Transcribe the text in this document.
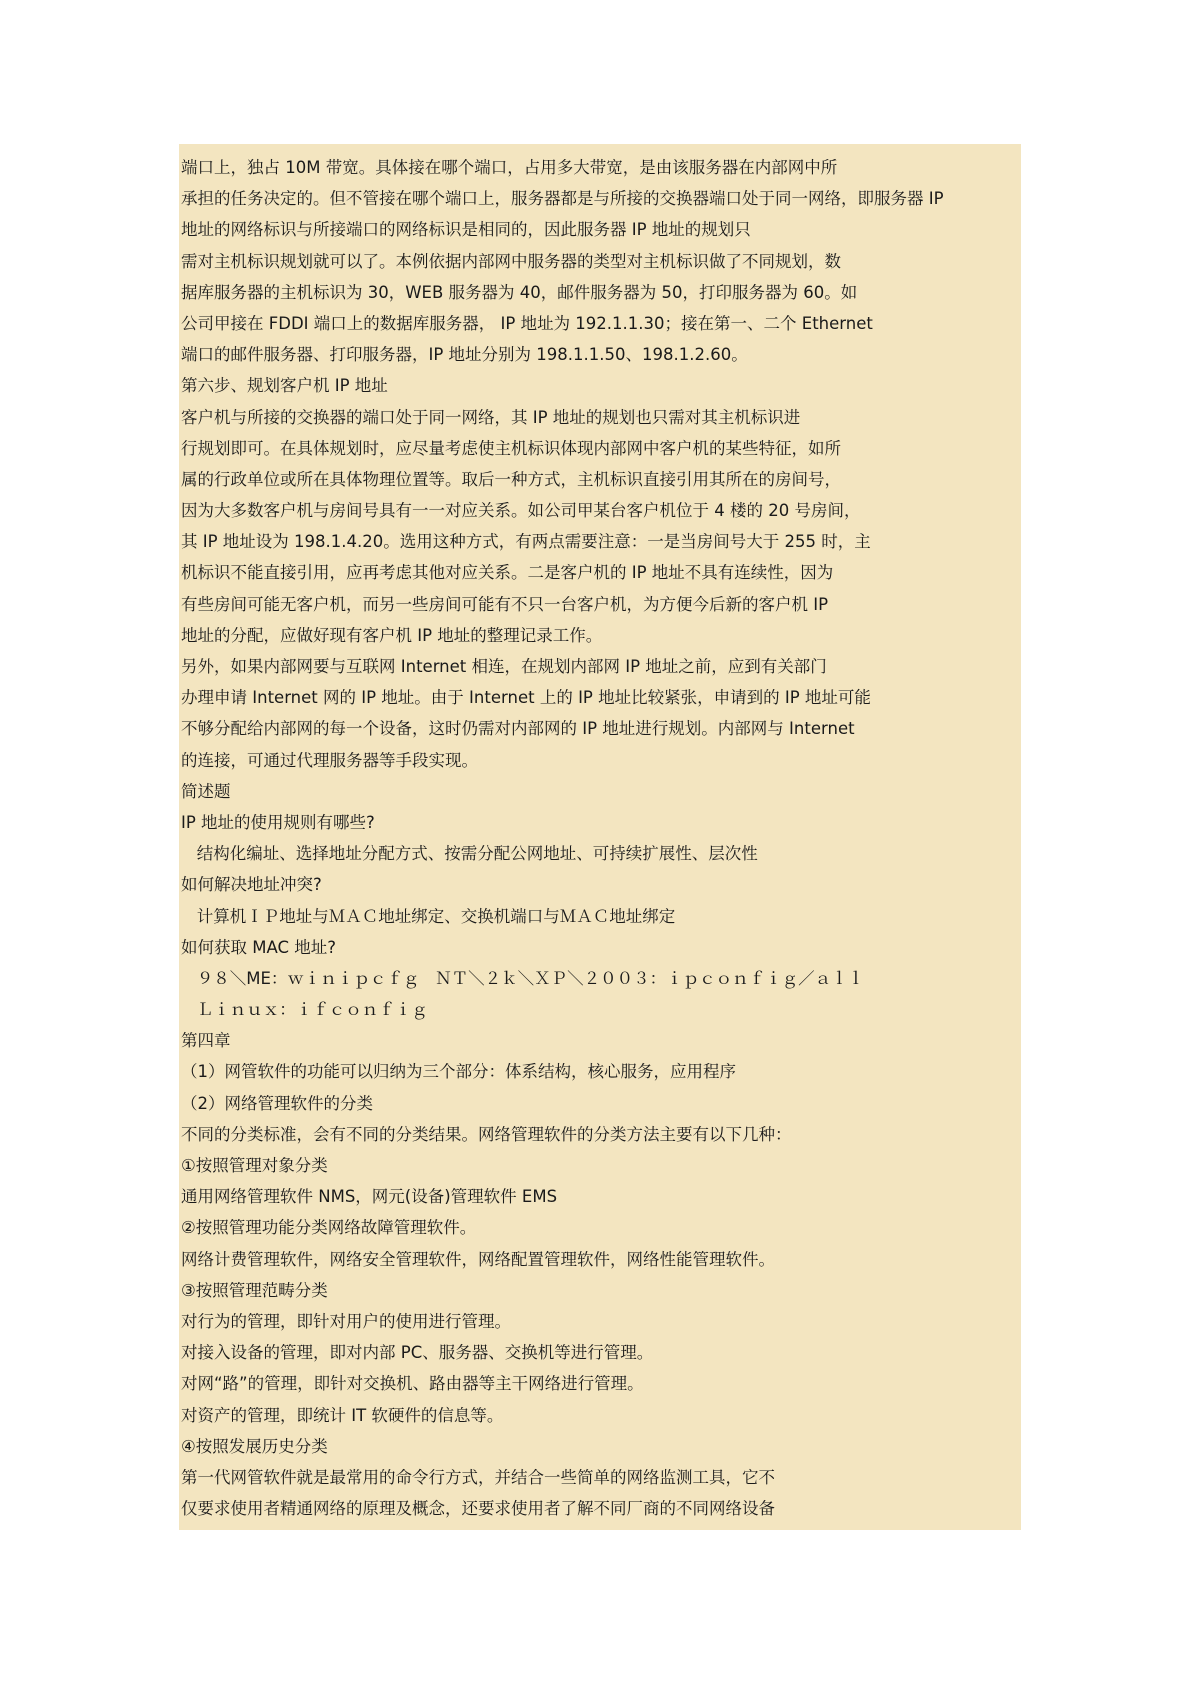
端口上，独占 10M 带宽。具体接在哪个端口，占用多大带宽，是由该服务器在内部网中所
承担的任务决定的。但不管接在哪个端口上，服务器都是与所接的交换器端口处于同一网络，即服务器 IP
地址的网络标识与所接端口的网络标识是相同的，因此服务器 IP 地址的规划只
需对主机标识规划就可以了。本例依据内部网中服务器的类型对主机标识做了不同规划，数
据库服务器的主机标识为 30，WEB 服务器为 40，邮件服务器为 50，打印服务器为 60。如
公司甲接在 FDDI 端口上的数据库服务器， IP 地址为 192.1.1.30；接在第一、二个 Ethernet
端口的邮件服务器、打印服务器，IP 地址分别为 198.1.1.50、198.1.2.60。
第六步、规划客户机 IP 地址
客户机与所接的交换器的端口处于同一网络，其 IP 地址的规划也只需对其主机标识进
行规划即可。在具体规划时，应尽量考虑使主机标识体现内部网中客户机的某些特征，如所
属的行政单位或所在具体物理位置等。取后一种方式，主机标识直接引用其所在的房间号，
因为大多数客户机与房间号具有一一对应关系。如公司甲某台客户机位于 4 楼的 20 号房间，
其 IP 地址设为 198.1.4.20。选用这种方式，有两点需要注意：一是当房间号大于 255 时，主
机标识不能直接引用，应再考虑其他对应关系。二是客户机的 IP 地址不具有连续性，因为
有些房间可能无客户机，而另一些房间可能有不只一台客户机，为方便今后新的客户机 IP
地址的分配，应做好现有客户机 IP 地址的整理记录工作。
另外，如果内部网要与互联网 Internet 相连，在规划内部网 IP 地址之前，应到有关部门
办理申请 Internet 网的 IP 地址。由于 Internet 上的 IP 地址比较紧张，申请到的 IP 地址可能
不够分配给内部网的每一个设备，这时仍需对内部网的 IP 地址进行规划。内部网与 Internet
的连接，可通过代理服务器等手段实现。
简述题
IP 地址的使用规则有哪些?
结构化编址、选择地址分配方式、按需分配公网地址、可持续扩展性、层次性
如何解决地址冲突?
计算机ＩＰ地址与ＭＡＣ地址绑定、交换机端口与ＭＡＣ地址绑定
如何获取 MAC 地址?
９８＼ME：ｗｉｎｉｐｃｆｇ   ＮＴ＼２ｋ＼ＸＰ＼２００３：ｉｐｃｏｎｆｉｇ／ａｌｌ
Ｌｉｎｕｘ：ｉｆｃｏｎｆｉｇ
第四章
（1）网管软件的功能可以归纳为三个部分：体系结构，核心服务，应用程序
（2）网络管理软件的分类
不同的分类标准，会有不同的分类结果。网络管理软件的分类方法主要有以下几种：
①按照管理对象分类
通用网络管理软件 NMS，网元(设备)管理软件 EMS
②按照管理功能分类网络故障管理软件。
网络计费管理软件，网络安全管理软件，网络配置管理软件，网络性能管理软件。
③按照管理范畴分类
对行为的管理，即针对用户的使用进行管理。
对接入设备的管理，即对内部 PC、服务器、交换机等进行管理。
对网“路”的管理，即针对交换机、路由器等主干网络进行管理。
对资产的管理，即统计 IT 软硬件的信息等。
④按照发展历史分类
第一代网管软件就是最常用的命令行方式，并结合一些简单的网络监测工具，它不
仅要求使用者精通网络的原理及概念，还要求使用者了解不同厂商的不同网络设备
